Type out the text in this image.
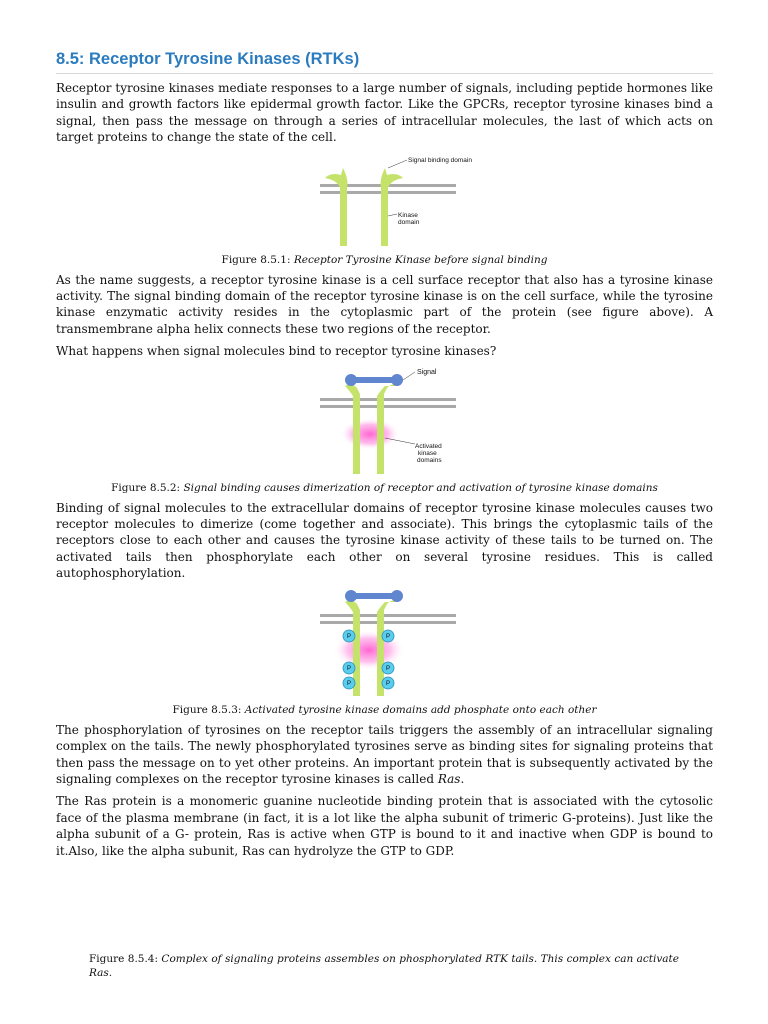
8.5: Receptor Tyrosine Kinases (RTKs)

Receptor tyrosine kinases mediate responses to a large number of signals, including peptide hormones like insulin and growth factors like epidermal growth factor. Like the GPCRs, receptor tyrosine kinases bind a signal, then pass the message on through a series of intracellular molecules, the last of which acts on target proteins to change the state of the cell.

Signal binding domain
Kinase
domain

Figure 8.5.1: Receptor Tyrosine Kinase before signal binding

As the name suggests, a receptor tyrosine kinase is a cell surface receptor that also has a tyrosine kinase activity. The signal binding domain of the receptor tyrosine kinase is on the cell surface, while the tyrosine kinase enzymatic activity resides in the cytoplasmic part of the protein (see figure above). A transmembrane alpha helix connects these two regions of the receptor.

What happens when signal molecules bind to receptor tyrosine kinases?

Signal
Activated
kinase
domains

Figure 8.5.2: Signal binding causes dimerization of receptor and activation of tyrosine kinase domains

Binding of signal molecules to the extracellular domains of receptor tyrosine kinase molecules causes two receptor molecules to dimerize (come together and associate). This brings the cytoplasmic tails of the receptors close to each other and causes the tyrosine kinase activity of these tails to be turned on. The activated tails then phosphorylate each other on several tyrosine residues. This is called autophosphorylation.

P	P
P	P
P	P

Figure 8.5.3: Activated tyrosine kinase domains add phosphate onto each other

The phosphorylation of tyrosines on the receptor tails triggers the assembly of an intracellular signaling complex on the tails. The newly phosphorylated tyrosines serve as binding sites for signaling proteins that then pass the message on to yet other proteins. An important protein that is subsequently activated by the signaling complexes on the receptor tyrosine kinases is called Ras.

The Ras protein is a monomeric guanine nucleotide binding protein that is associated with the cytosolic face of the plasma membrane (in fact, it is a lot like the alpha subunit of trimeric G-proteins). Just like the alpha subunit of a G- protein, Ras is active when GTP is bound to it and inactive when GDP is bound to it.Also, like the alpha subunit, Ras can hydrolyze the GTP to GDP.

Figure 8.5.4: Complex of signaling proteins assembles on phosphorylated RTK tails. This complex can activate Ras.
